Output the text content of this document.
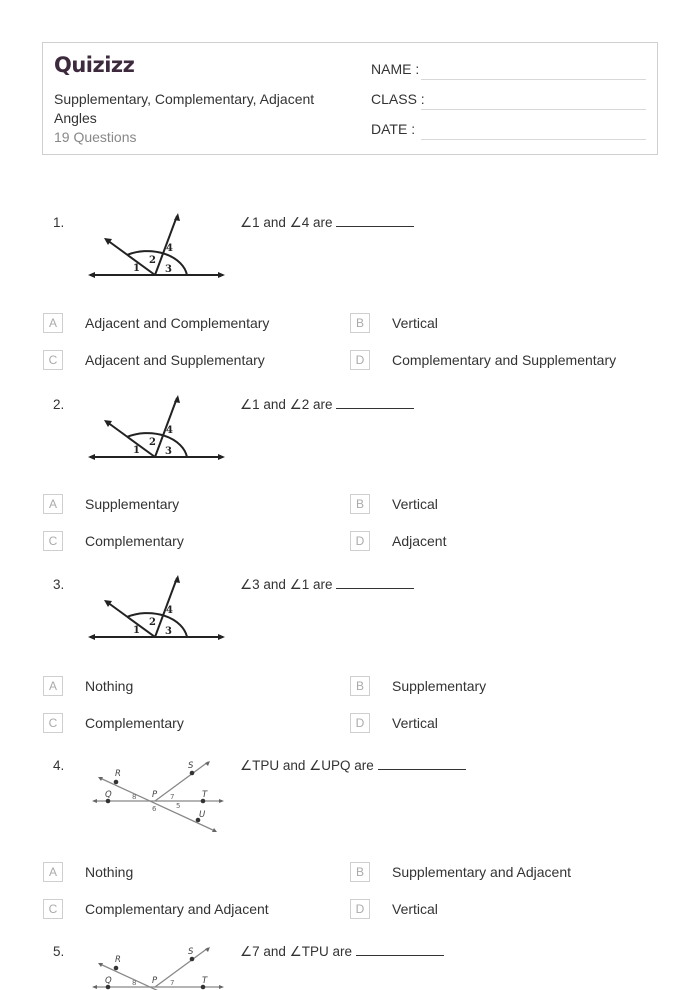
Quizizz
Supplementary, Complementary, Adjacent Angles
19 Questions
NAME :
CLASS :
DATE :
1.
1
2
3
4
∠1 and ∠4 are
A	Adjacent and Complementary	B	Vertical
C	Adjacent and Supplementary	D	Complementary and Supplementary
2.
1
2
3
4
∠1 and ∠2 are
A	Supplementary	B	Vertical
C	Complementary	D	Adjacent
3.
1
2
3
4
∠3 and ∠1 are
A	Nothing	B	Supplementary
C	Complementary	D	Vertical
4.
Q
R
S
T
U
P
8	7
6	5
∠TPU and ∠UPQ are
A	Nothing	B	Supplementary and Adjacent
C	Complementary and Adjacent	D	Vertical
5.
Q
R
S
T
P
8	7
∠7 and ∠TPU are
